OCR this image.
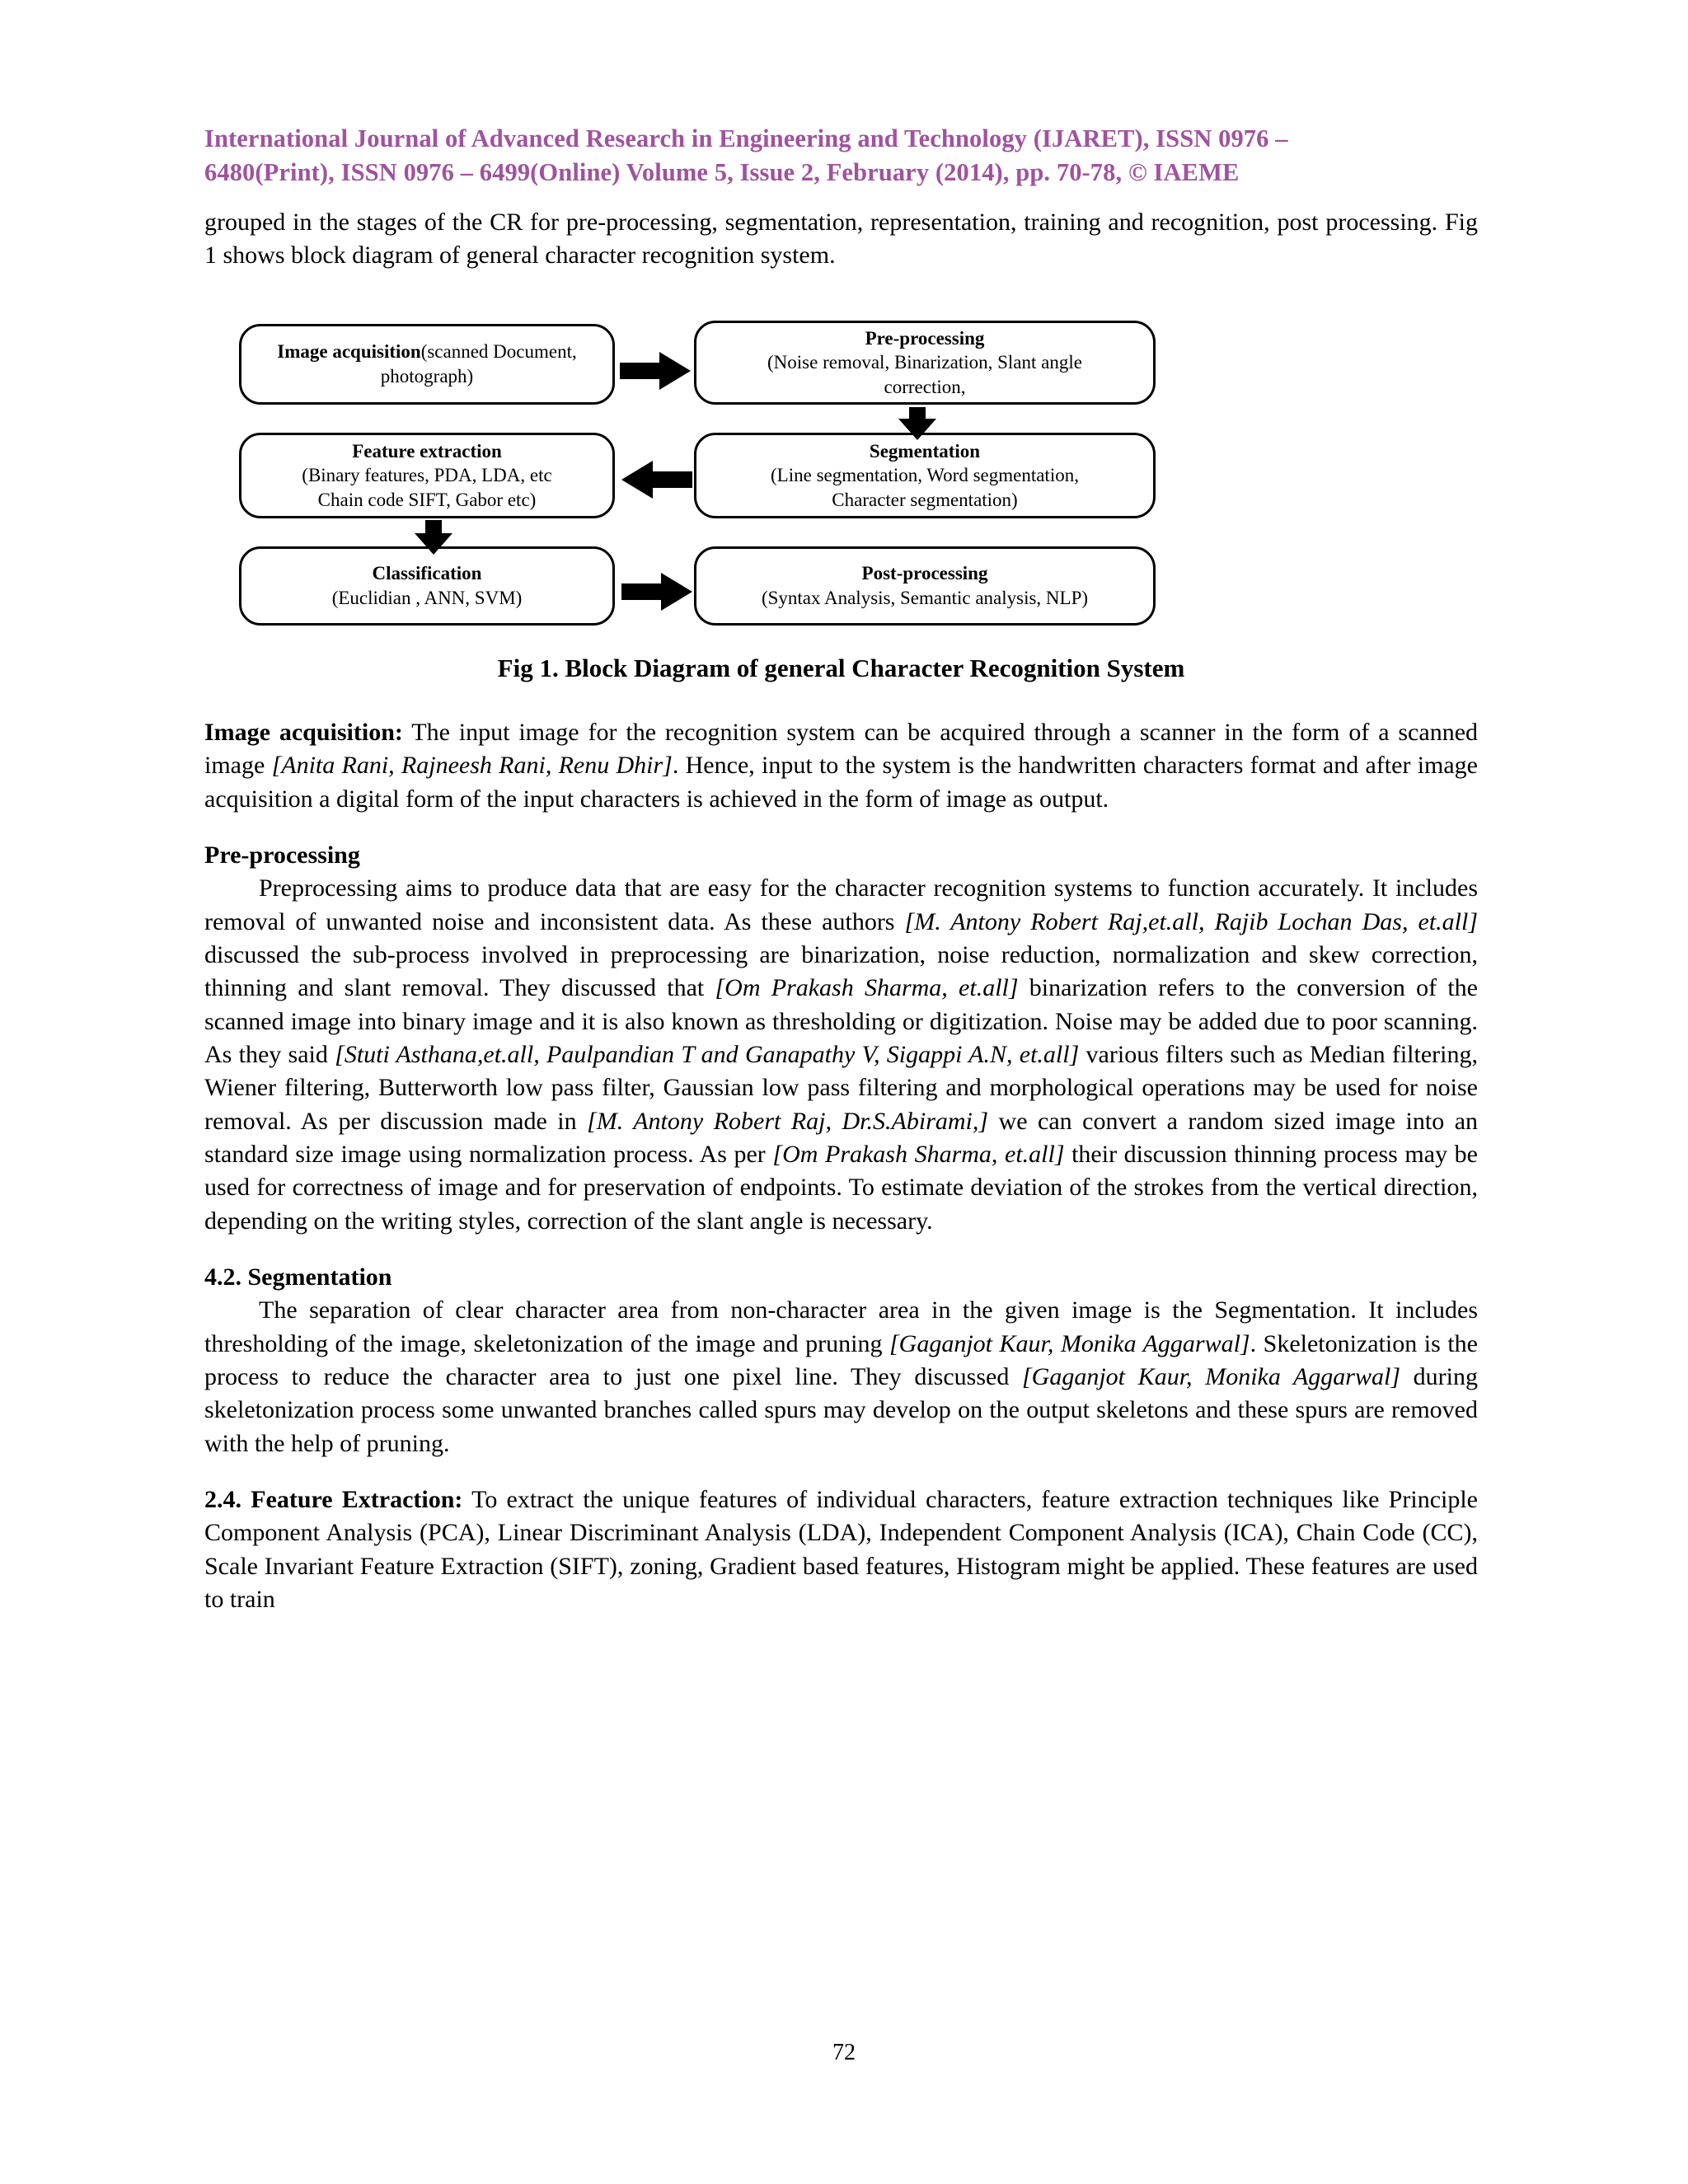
International Journal of Advanced Research in Engineering and Technology (IJARET), ISSN 0976 –
6480(Print), ISSN 0976 – 6499(Online) Volume 5, Issue 2, February (2014), pp. 70-78, © IAEME

grouped in the stages of the CR for pre-processing, segmentation, representation, training and recognition, post processing. Fig 1 shows block diagram of general character recognition system.

Image acquisition(scanned Document,
photograph)
Pre-processing
(Noise removal, Binarization, Slant angle
correction,
Feature extraction
(Binary features, PDA, LDA, etc
Chain code SIFT, Gabor etc)
Segmentation
(Line segmentation, Word segmentation,
Character segmentation)
Classification
(Euclidian , ANN, SVM)
Post-processing
(Syntax Analysis, Semantic analysis, NLP)
Fig 1. Block Diagram of general Character Recognition System

Image acquisition: The input image for the recognition system can be acquired through a scanner in the form of a scanned image [Anita Rani, Rajneesh Rani, Renu Dhir]. Hence, input to the system is the handwritten characters format and after image acquisition a digital form of the input characters is achieved in the form of image as output.

Pre-processing

Preprocessing aims to produce data that are easy for the character recognition systems to function accurately. It includes removal of unwanted noise and inconsistent data. As these authors [M. Antony Robert Raj,et.all, Rajib Lochan Das, et.all] discussed the sub-process involved in preprocessing are binarization, noise reduction, normalization and skew correction, thinning and slant removal. They discussed that [Om Prakash Sharma, et.all] binarization refers to the conversion of the scanned image into binary image and it is also known as thresholding or digitization. Noise may be added due to poor scanning. As they said [Stuti Asthana,et.all, Paulpandian T and Ganapathy V, Sigappi A.N, et.all] various filters such as Median filtering, Wiener filtering, Butterworth low pass filter, Gaussian low pass filtering and morphological operations may be used for noise removal. As per discussion made in [M. Antony Robert Raj, Dr.S.Abirami,] we can convert a random sized image into an standard size image using normalization process. As per [Om Prakash Sharma, et.all] their discussion thinning process may be used for correctness of image and for preservation of endpoints. To estimate deviation of the strokes from the vertical direction, depending on the writing styles, correction of the slant angle is necessary.

4.2. Segmentation

The separation of clear character area from non-character area in the given image is the Segmentation. It includes thresholding of the image, skeletonization of the image and pruning [Gaganjot Kaur, Monika Aggarwal]. Skeletonization is the process to reduce the character area to just one pixel line. They discussed [Gaganjot Kaur, Monika Aggarwal] during skeletonization process some unwanted branches called spurs may develop on the output skeletons and these spurs are removed with the help of pruning.

2.4. Feature Extraction: To extract the unique features of individual characters, feature extraction techniques like Principle Component Analysis (PCA), Linear Discriminant Analysis (LDA), Independent Component Analysis (ICA), Chain Code (CC), Scale Invariant Feature Extraction (SIFT), zoning, Gradient based features, Histogram might be applied. These features are used to train

72
